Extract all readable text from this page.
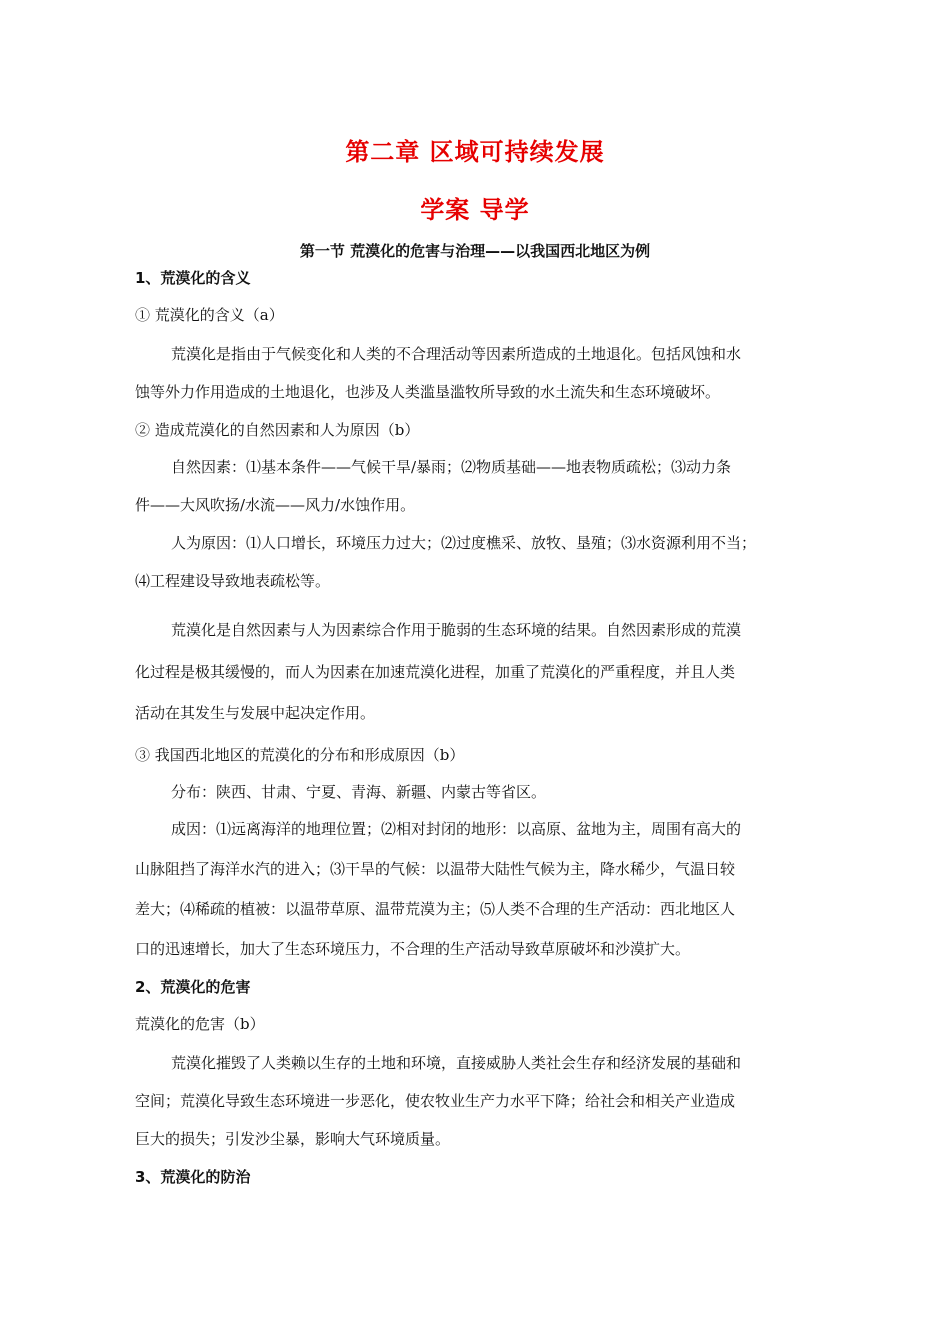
第二章 区域可持续发展
学案 导学
第一节 荒漠化的危害与治理——以我国西北地区为例
1、荒漠化的含义
① 荒漠化的含义（a）
荒漠化是指由于气候变化和人类的不合理活动等因素所造成的土地退化。包括风蚀和水
蚀等外力作用造成的土地退化，也涉及人类滥垦滥牧所导致的水土流失和生态环境破坏。
② 造成荒漠化的自然因素和人为原因（b）
自然因素：⑴基本条件——气候干旱/暴雨；⑵物质基础——地表物质疏松；⑶动力条
件——大风吹扬/水流——风力/水蚀作用。
人为原因：⑴人口增长，环境压力过大；⑵过度樵采、放牧、垦殖；⑶水资源利用不当；
⑷工程建设导致地表疏松等。
荒漠化是自然因素与人为因素综合作用于脆弱的生态环境的结果。自然因素形成的荒漠
化过程是极其缓慢的，而人为因素在加速荒漠化进程，加重了荒漠化的严重程度，并且人类
活动在其发生与发展中起决定作用。
③ 我国西北地区的荒漠化的分布和形成原因（b）
分布：陕西、甘肃、宁夏、青海、新疆、内蒙古等省区。
成因：⑴远离海洋的地理位置；⑵相对封闭的地形：以高原、盆地为主，周围有高大的
山脉阻挡了海洋水汽的进入；⑶干旱的气候：以温带大陆性气候为主，降水稀少，气温日较
差大；⑷稀疏的植被：以温带草原、温带荒漠为主；⑸人类不合理的生产活动：西北地区人
口的迅速增长，加大了生态环境压力，不合理的生产活动导致草原破坏和沙漠扩大。
2、荒漠化的危害
荒漠化的危害（b）
荒漠化摧毁了人类赖以生存的土地和环境，直接威胁人类社会生存和经济发展的基础和
空间；荒漠化导致生态环境进一步恶化，使农牧业生产力水平下降；给社会和相关产业造成
巨大的损失；引发沙尘暴，影响大气环境质量。
3、荒漠化的防治
